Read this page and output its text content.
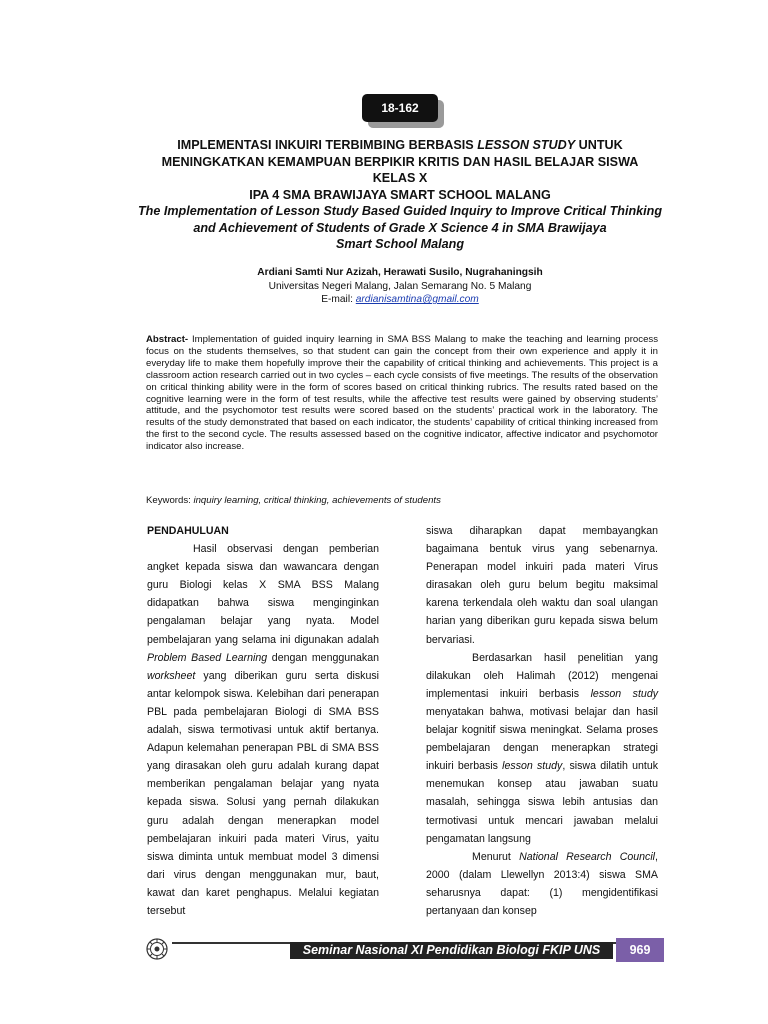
18-162
IMPLEMENTASI INKUIRI TERBIMBING BERBASIS LESSON STUDY UNTUK
MENINGKATKAN KEMAMPUAN BERPIKIR KRITIS DAN HASIL BELAJAR SISWA KELAS X
IPA 4 SMA BRAWIJAYA SMART SCHOOL MALANG
The Implementation of Lesson Study Based Guided Inquiry to Improve Critical Thinking
and Achievement of Students of Grade X Science 4 in SMA Brawijaya
Smart School Malang
Ardiani Samti Nur Azizah, Herawati Susilo, Nugrahaningsih
Universitas Negeri Malang, Jalan Semarang No. 5 Malang
E-mail: ardianisamtina@gmail.com
Abstract- Implementation of guided inquiry learning in SMA BSS Malang to make the teaching and learning process focus on the students themselves, so that student can gain the concept from their own experience and apply it in everyday life to make them hopefully improve their the capability of critical thinking and achievements. This project is a classroom action research carried out in two cycles – each cycle consists of five meetings. The results of the observation on critical thinking ability were in the form of scores based on critical thinking rubrics. The results rated based on the cognitive learning were in the form of test results, while the affective test results were gained by observing students’ attitude, and the psychomotor test results were scored based on the students’ practical work in the laboratory. The results of the study demonstrated that based on each indicator, the students’ capability of critical thinking increased from the first to the second cycle. The results assessed based on the cognitive indicator, affective indicator and psychomotor indicator also increase.
Keywords: inquiry learning, critical thinking, achievements of students

PENDAHULUAN

Hasil observasi dengan pemberian angket kepada siswa dan wawancara dengan guru Biologi kelas X SMA BSS Malang didapatkan bahwa siswa menginginkan pengalaman belajar yang nyata. Model pembelajaran yang selama ini digunakan adalah Problem Based Learning dengan menggunakan worksheet yang diberikan guru serta diskusi antar kelompok siswa. Kelebihan dari penerapan PBL pada pembelajaran Biologi di SMA BSS adalah, siswa termotivasi untuk aktif bertanya. Adapun kelemahan penerapan PBL di SMA BSS yang dirasakan oleh guru adalah kurang dapat memberikan pengalaman belajar yang nyata kepada siswa. Solusi yang pernah dilakukan guru adalah dengan menerapkan model pembelajaran inkuiri pada materi Virus, yaitu siswa diminta untuk membuat model 3 dimensi dari virus dengan menggunakan mur, baut, kawat dan karet penghapus. Melalui kegiatan tersebut

siswa diharapkan dapat membayangkan bagaimana bentuk virus yang sebenarnya. Penerapan model inkuiri pada materi Virus dirasakan oleh guru belum begitu maksimal karena terkendala oleh waktu dan soal ulangan harian yang diberikan guru kepada siswa belum bervariasi.

Berdasarkan hasil penelitian yang dilakukan oleh Halimah (2012) mengenai implementasi inkuiri berbasis lesson study menyatakan bahwa, motivasi belajar dan hasil belajar kognitif siswa meningkat. Selama proses pembelajaran dengan menerapkan strategi inkuiri berbasis lesson study, siswa dilatih untuk menemukan konsep atau jawaban suatu masalah, sehingga siswa lebih antusias dan termotivasi untuk mencari jawaban melalui pengamatan langsung

Menurut National Research Council, 2000 (dalam Llewellyn 2013:4) siswa SMA seharusnya dapat: (1) mengidentifikasi pertanyaan dan konsep

Seminar Nasional XI Pendidikan Biologi FKIP UNS	969
